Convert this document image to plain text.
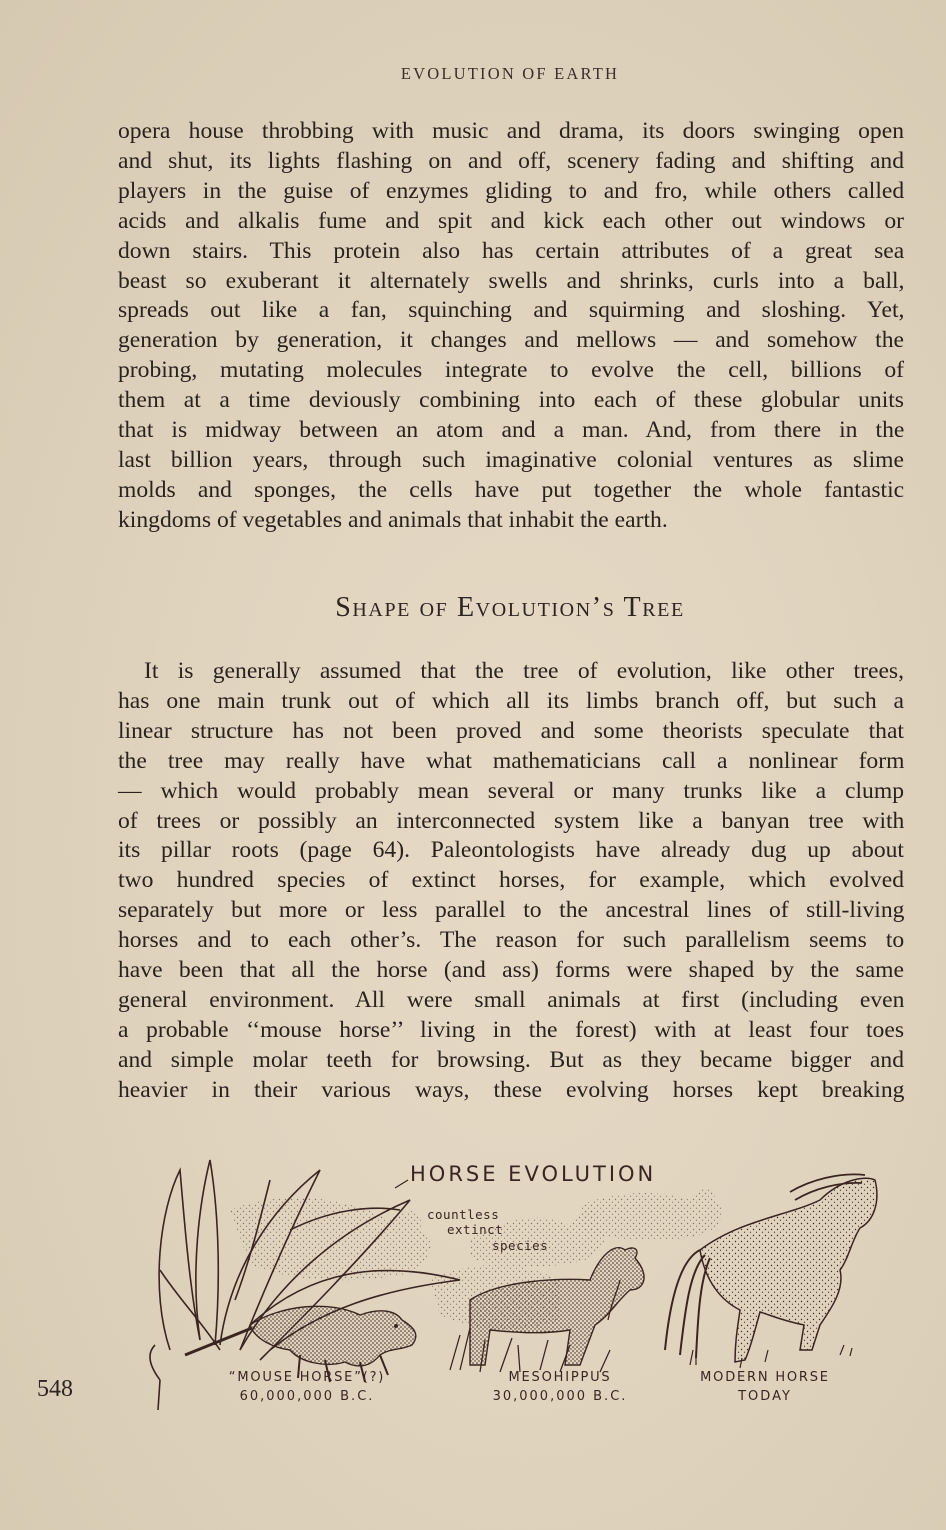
EVOLUTION OF EARTH
opera house throbbing with music and drama, its doors swinging open
and shut, its lights flashing on and off, scenery fading and shifting and
players in the guise of enzymes gliding to and fro, while others called
acids and alkalis fume and spit and kick each other out windows or
down stairs. This protein also has certain attributes of a great sea
beast so exuberant it alternately swells and shrinks, curls into a ball,
spreads out like a fan, squinching and squirming and sloshing. Yet,
generation by generation, it changes and mellows — and somehow the
probing, mutating molecules integrate to evolve the cell, billions of
them at a time deviously combining into each of these globular units
that is midway between an atom and a man. And, from there in the
last billion years, through such imaginative colonial ventures as slime
molds and sponges, the cells have put together the whole fantastic
kingdoms of vegetables and animals that inhabit the earth.
Shape of Evolution’s Tree
It is generally assumed that the tree of evolution, like other trees,
has one main trunk out of which all its limbs branch off, but such a
linear structure has not been proved and some theorists speculate that
the tree may really have what mathematicians call a nonlinear form
— which would probably mean several or many trunks like a clump
of trees or possibly an interconnected system like a banyan tree with
its pillar roots (page 64). Paleontologists have already dug up about
two hundred species of extinct horses, for example, which evolved
separately but more or less parallel to the ancestral lines of still-living
horses and to each other’s. The reason for such parallelism seems to
have been that all the horse (and ass) forms were shaped by the same
general environment. All were small animals at first (including even
a probable ‘‘mouse horse’’ living in the forest) with at least four toes
and simple molar teeth for browsing. But as they became bigger and
heavier in their various ways, these evolving horses kept breaking
HORSE EVOLUTION
countless
extinct
species
“MOUSE HORSE”(?)
60,000,000 B.C.
MESOHIPPUS
30,000,000 B.C.
MODERN HORSE
TODAY
548
